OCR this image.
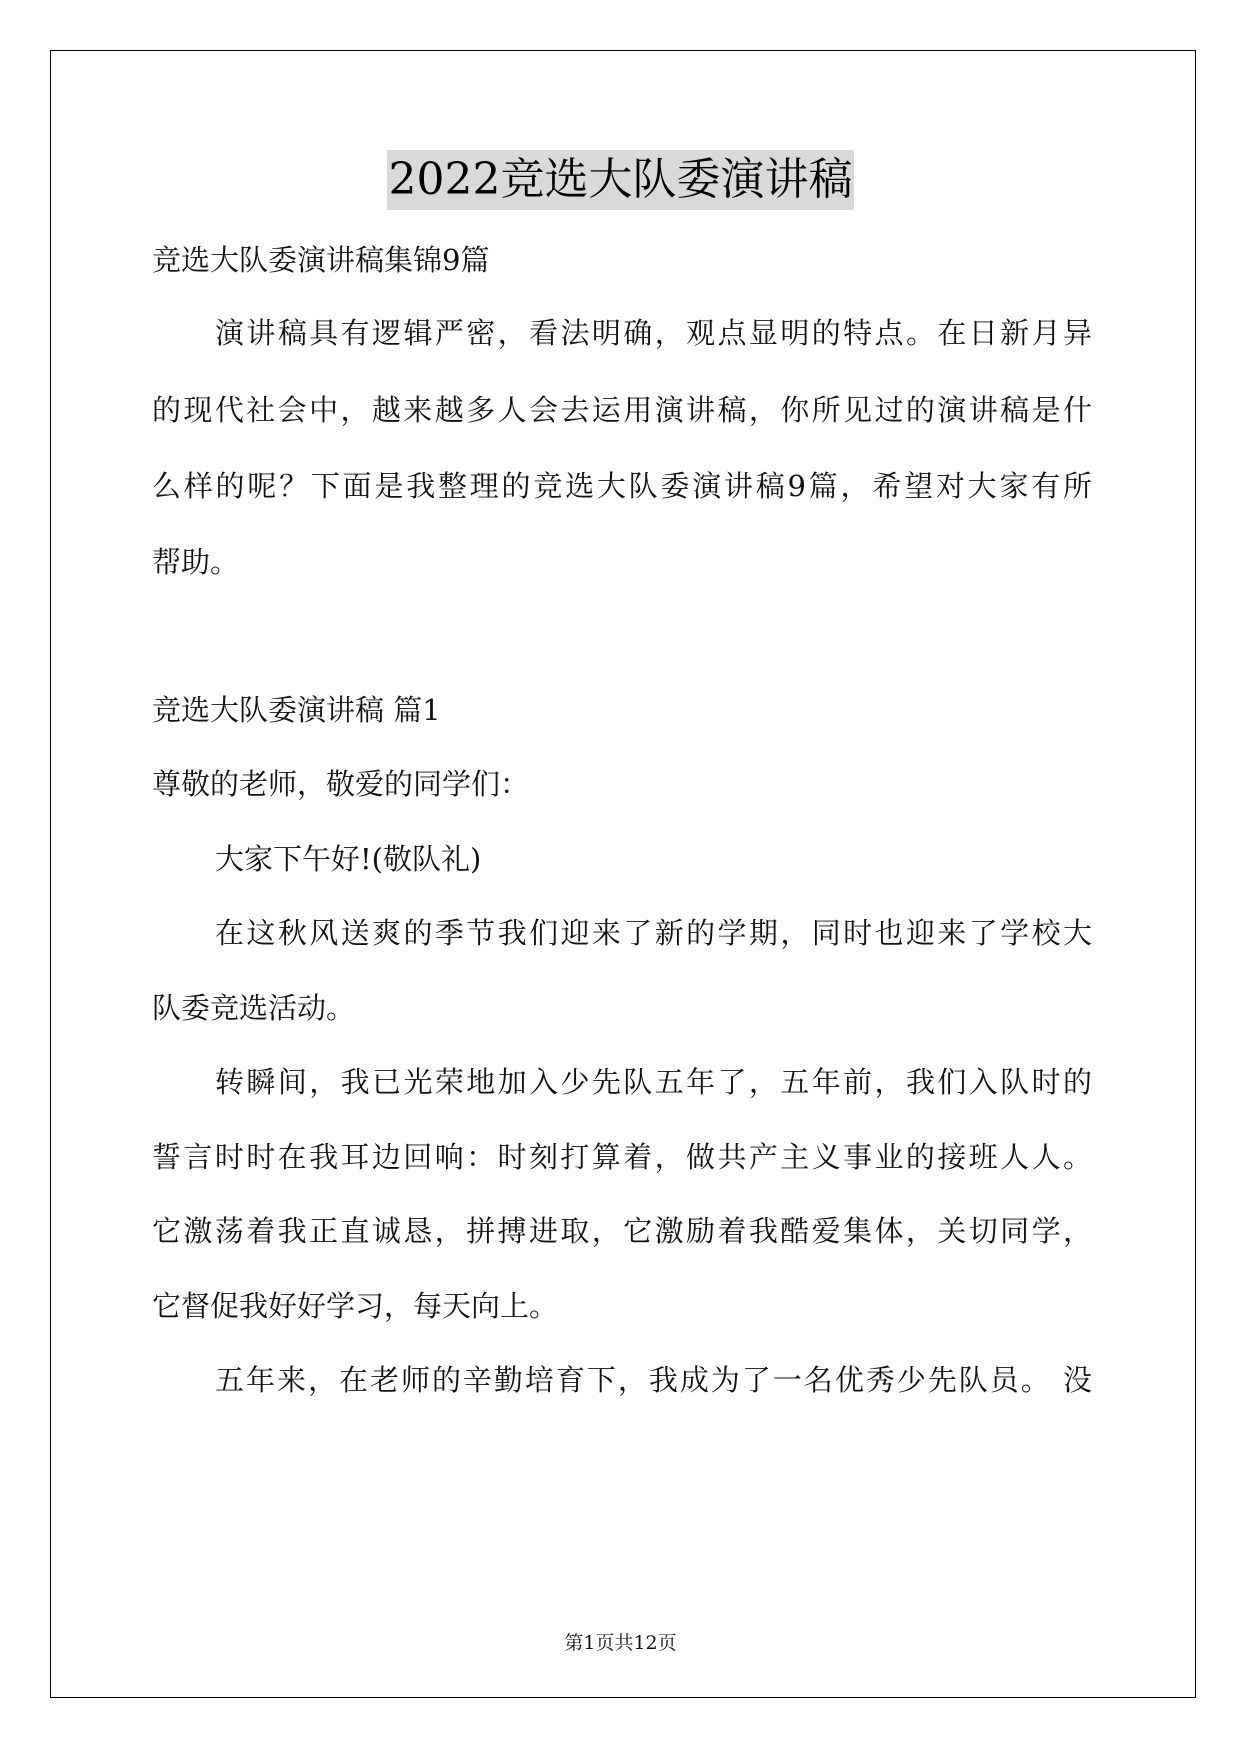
2022竞选大队委演讲稿
竞选大队委演讲稿集锦9篇
演讲稿具有逻辑严密，看法明确，观点显明的特点。在日新月异
的现代社会中，越来越多人会去运用演讲稿，你所见过的演讲稿是什
么样的呢？下面是我整理的竞选大队委演讲稿9篇，希望对大家有所
帮助。
竞选大队委演讲稿 篇1
尊敬的老师，敬爱的同学们：
大家下午好!(敬队礼)
在这秋风送爽的季节我们迎来了新的学期，同时也迎来了学校大
队委竞选活动。
转瞬间，我已光荣地加入少先队五年了，五年前，我们入队时的
誓言时时在我耳边回响：时刻打算着，做共产主义事业的接班人人。
它激荡着我正直诚恳，拼搏进取，它激励着我酷爱集体，关切同学，
它督促我好好学习，每天向上。
五年来，在老师的辛勤培育下，我成为了一名优秀少先队员。 没
第1页共12页
